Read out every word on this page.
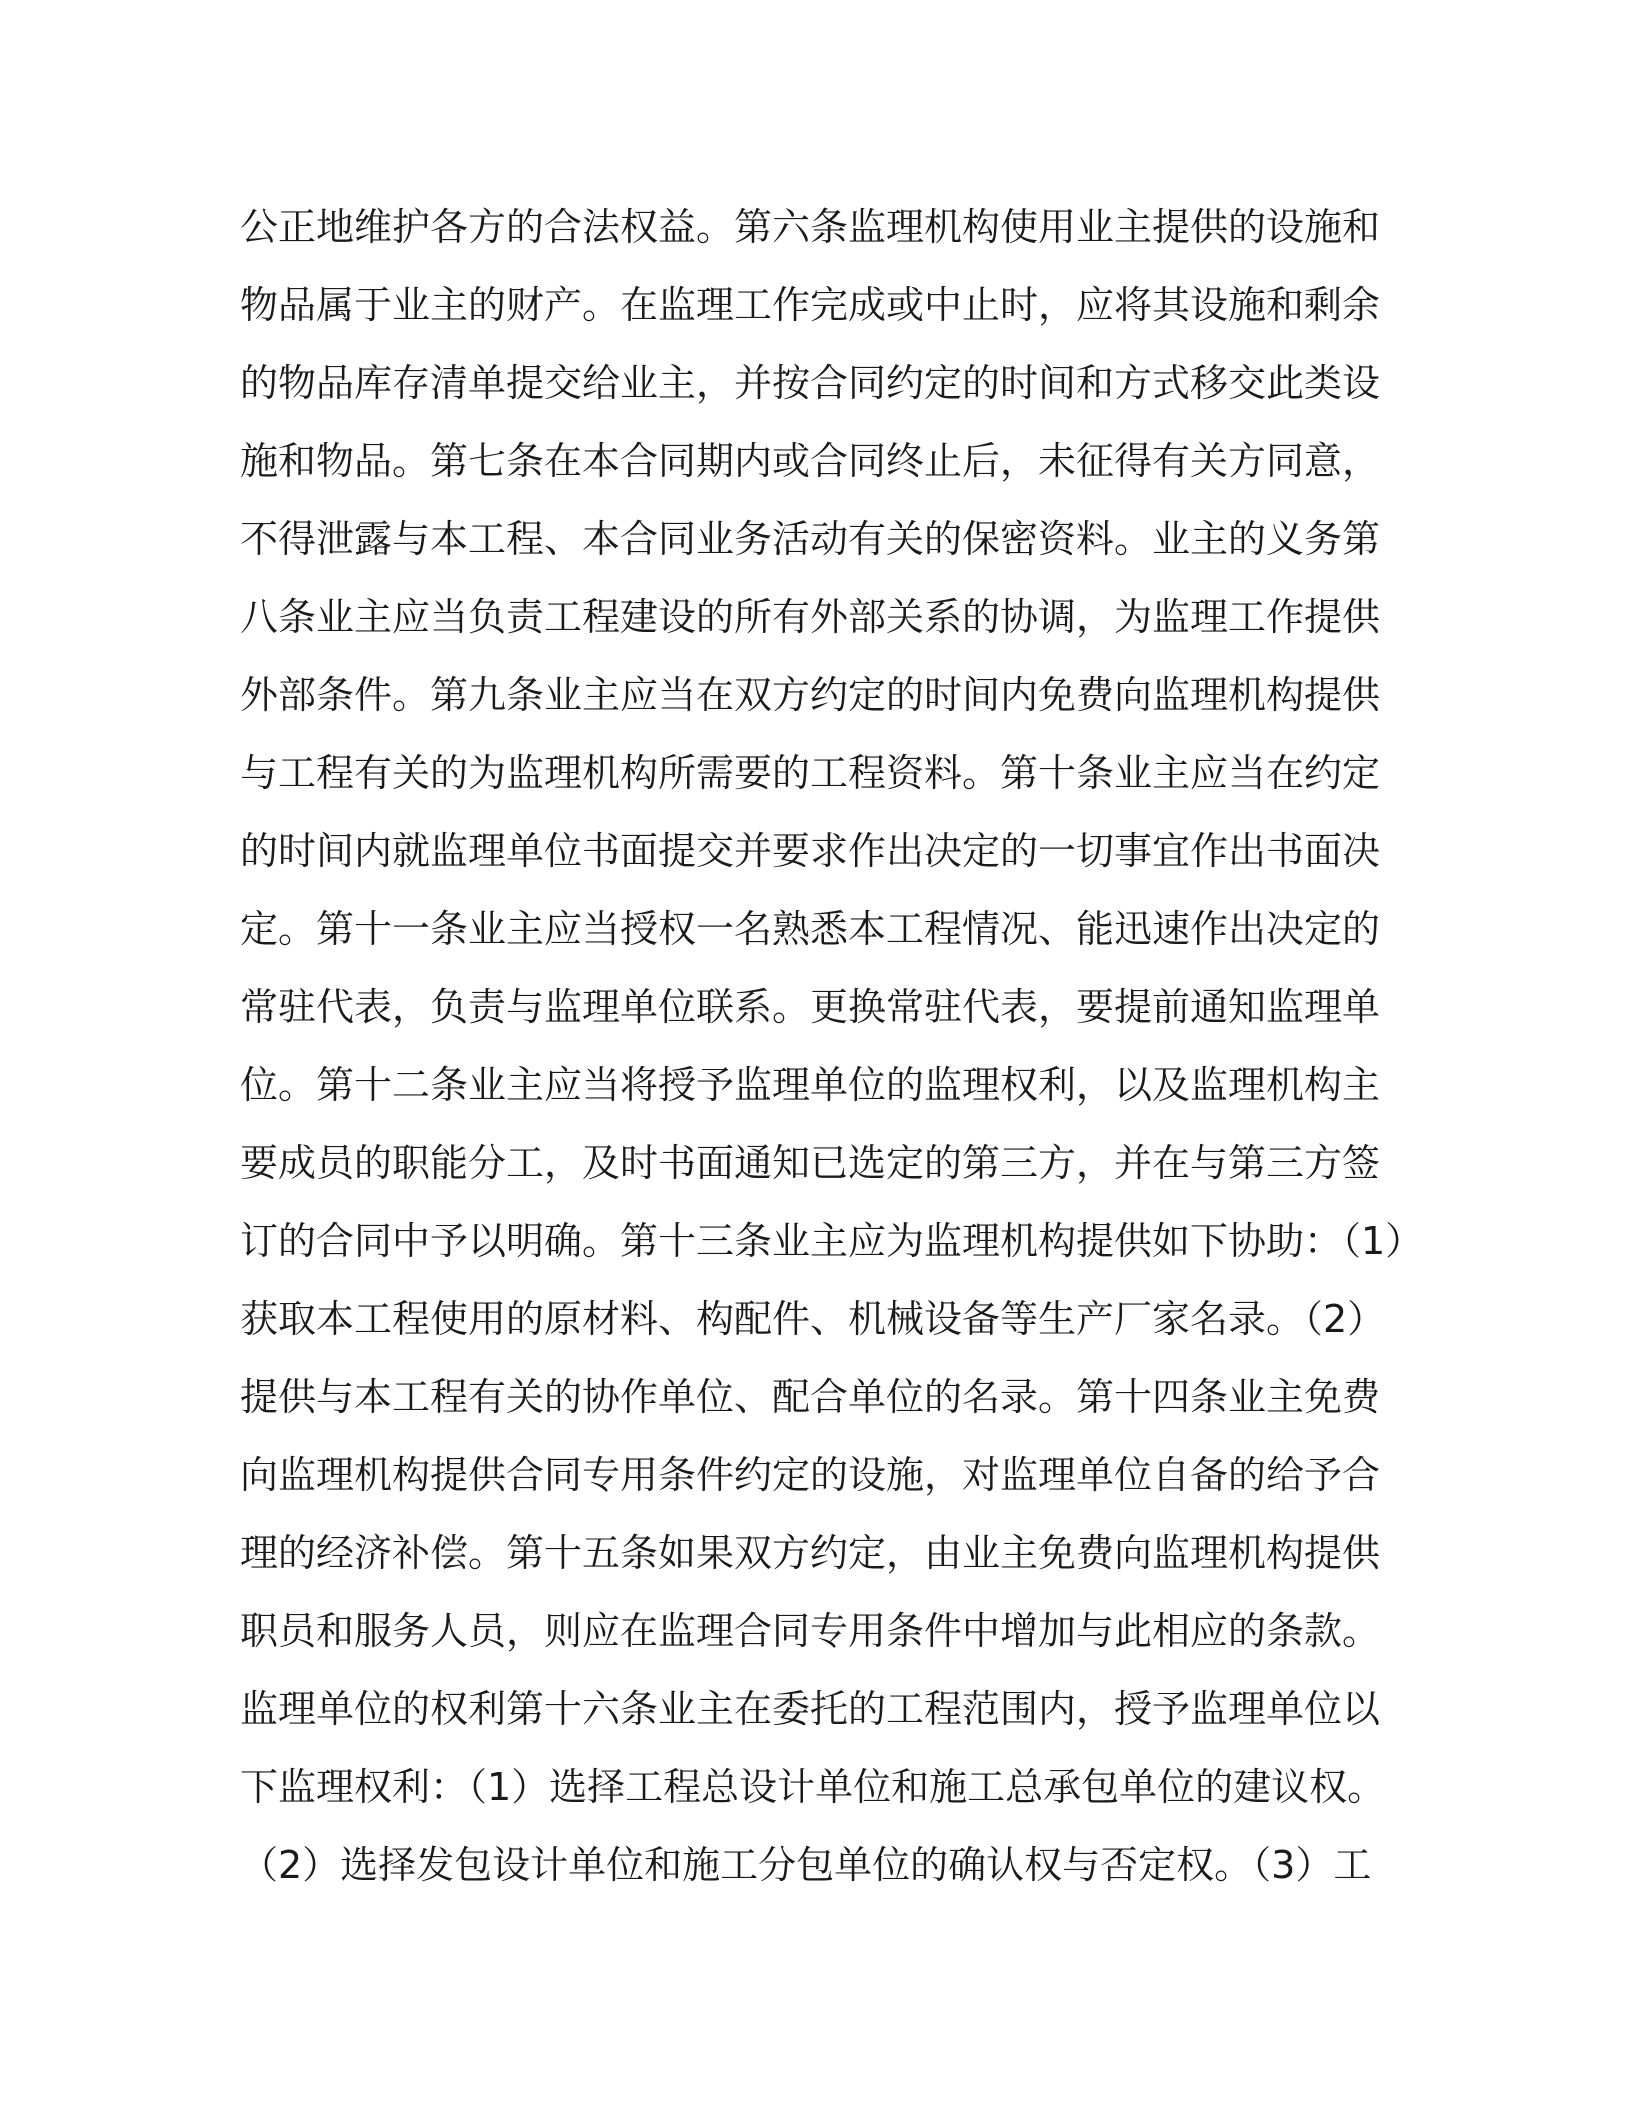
公正地维护各方的合法权益。第六条监理机构使用业主提供的设施和
物品属于业主的财产。在监理工作完成或中止时，应将其设施和剩余
的物品库存清单提交给业主，并按合同约定的时间和方式移交此类设
施和物品。第七条在本合同期内或合同终止后，未征得有关方同意，
不得泄露与本工程、本合同业务活动有关的保密资料。业主的义务第
八条业主应当负责工程建设的所有外部关系的协调，为监理工作提供
外部条件。第九条业主应当在双方约定的时间内免费向监理机构提供
与工程有关的为监理机构所需要的工程资料。第十条业主应当在约定
的时间内就监理单位书面提交并要求作出决定的一切事宜作出书面决
定。第十一条业主应当授权一名熟悉本工程情况、能迅速作出决定的
常驻代表，负责与监理单位联系。更换常驻代表，要提前通知监理单
位。第十二条业主应当将授予监理单位的监理权利，以及监理机构主
要成员的职能分工，及时书面通知已选定的第三方，并在与第三方签
订的合同中予以明确。第十三条业主应为监理机构提供如下协助：（1）
获取本工程使用的原材料、构配件、机械设备等生产厂家名录。（2）
提供与本工程有关的协作单位、配合单位的名录。第十四条业主免费
向监理机构提供合同专用条件约定的设施，对监理单位自备的给予合
理的经济补偿。第十五条如果双方约定，由业主免费向监理机构提供
职员和服务人员，则应在监理合同专用条件中增加与此相应的条款。
监理单位的权利第十六条业主在委托的工程范围内，授予监理单位以
下监理权利：（1）选择工程总设计单位和施工总承包单位的建议权。
（2）选择发包设计单位和施工分包单位的确认权与否定权。（3）工
